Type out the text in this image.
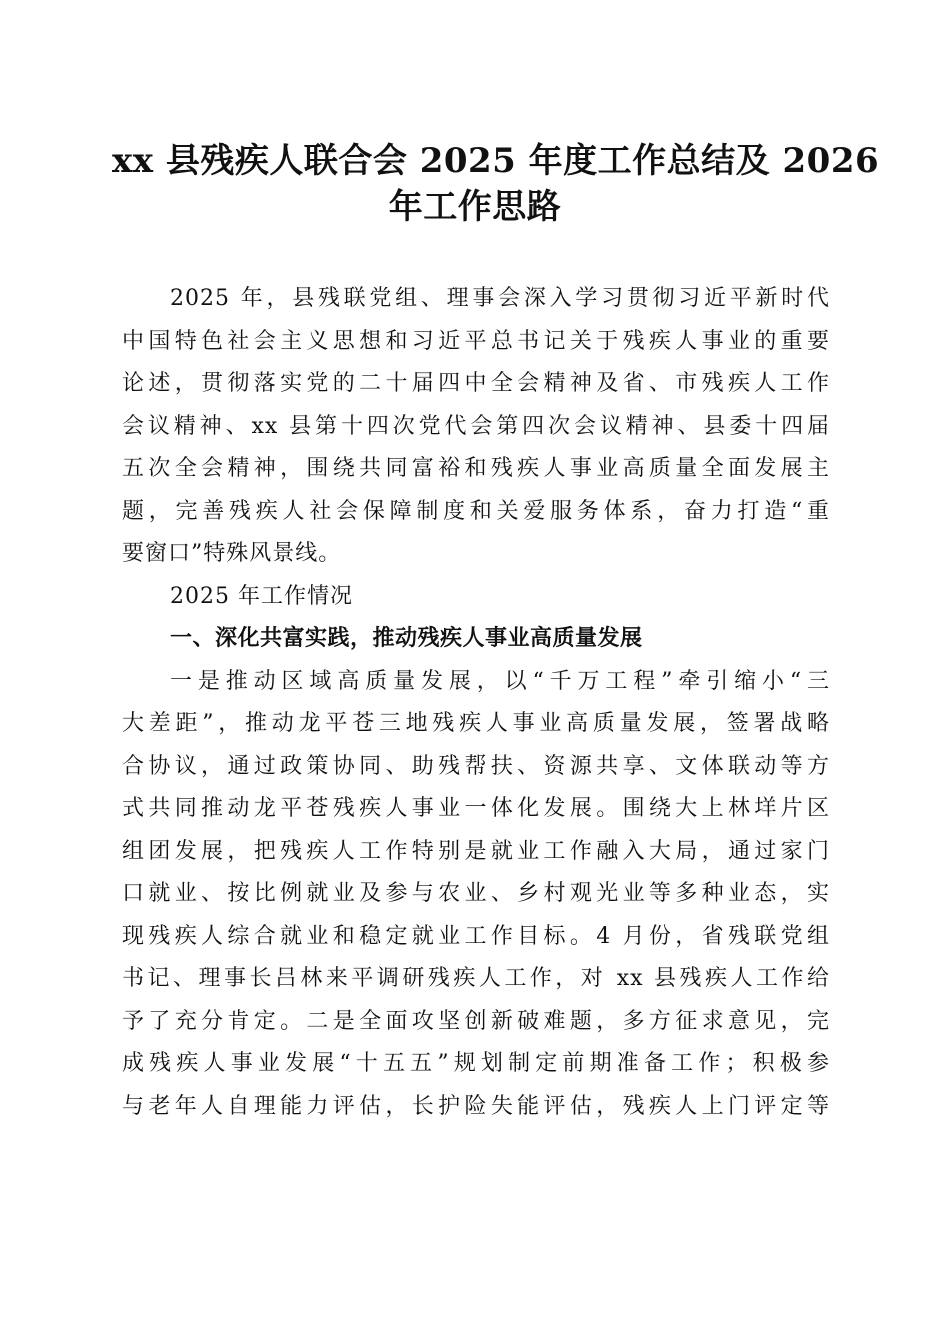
xx 县残疾人联合会 2025 年度工作总结及 2026
年工作思路
2025 年，县残联党组、理事会深入学习贯彻习近平新时代
中国特色社会主义思想和习近平总书记关于残疾人事业的重要
论述，贯彻落实党的二十届四中全会精神及省、市残疾人工作
会议精神、xx 县第十四次党代会第四次会议精神、县委十四届
五次全会精神，围绕共同富裕和残疾人事业高质量全面发展主
题，完善残疾人社会保障制度和关爱服务体系，奋力打造“重
要窗口”特殊风景线。
2025 年工作情况
一、深化共富实践，推动残疾人事业高质量发展
一是推动区域高质量发展，以“千万工程”牵引缩小“三
大差距”，推动龙平苍三地残疾人事业高质量发展，签署战略
合协议，通过政策协同、助残帮扶、资源共享、文体联动等方
式共同推动龙平苍残疾人事业一体化发展。围绕大上林垟片区
组团发展，把残疾人工作特别是就业工作融入大局，通过家门
口就业、按比例就业及参与农业、乡村观光业等多种业态，实
现残疾人综合就业和稳定就业工作目标。4 月份，省残联党组
书记、理事长吕林来平调研残疾人工作，对 xx 县残疾人工作给
予了充分肯定。二是全面攻坚创新破难题，多方征求意见，完
成残疾人事业发展“十五五”规划制定前期准备工作；积极参
与老年人自理能力评估，长护险失能评估，残疾人上门评定等
